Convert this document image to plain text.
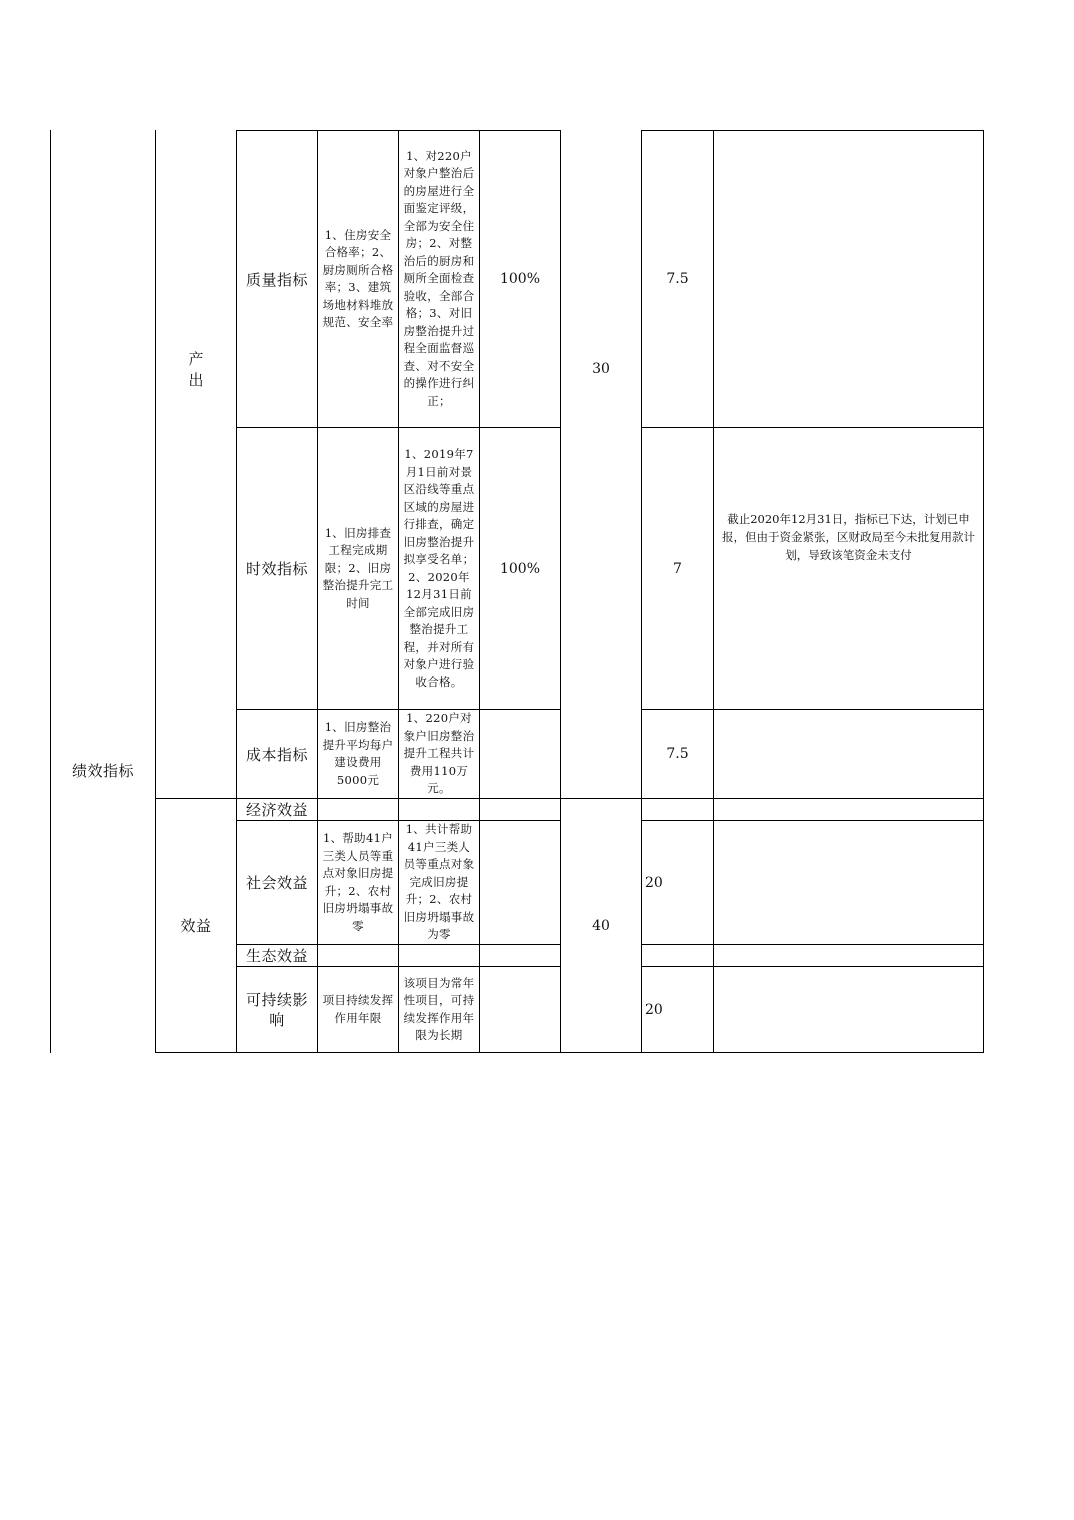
绩效指标
产 出
效益
质量指标
1、住房安全合格率；2、厨房厕所合格率；3、建筑场地材料堆放规范、安全率
1、对220户对象户整治后的房屋进行全面鉴定评级，全部为安全住房；2、对整治后的厨房和厕所全面检查验收，全部合格；3、对旧房整治提升过程全面监督巡查、对不安全的操作进行纠正；
100%	7.5
30
时效指标
1、旧房排查工程完成期限；2、旧房整治提升完工时间
1、2019年7月1日前对景区沿线等重点区域的房屋进行排查，确定旧房整治提升拟享受名单；2、2020年12月31日前全部完成旧房整治提升工程，并对所有对象户进行验收合格。
100%	7
截止2020年12月31日，指标已下达，计划已申报，但由于资金紧张，区财政局至今未批复用款计划，导致该笔资金未支付
成本指标
1、旧房整治提升平均每户建设费用5000元
1、220户对象户旧房整治提升工程共计费用110万元。
7.5
40
经济效益
社会效益
1、帮助41户三类人员等重点对象旧房提升；2、农村旧房坍塌事故零
1、共计帮助41户三类人员等重点对象完成旧房提升；2、农村旧房坍塌事故为零
20
生态效益
可持续影响
项目持续发挥作用年限
该项目为常年性项目，可持续发挥作用年限为长期
20
